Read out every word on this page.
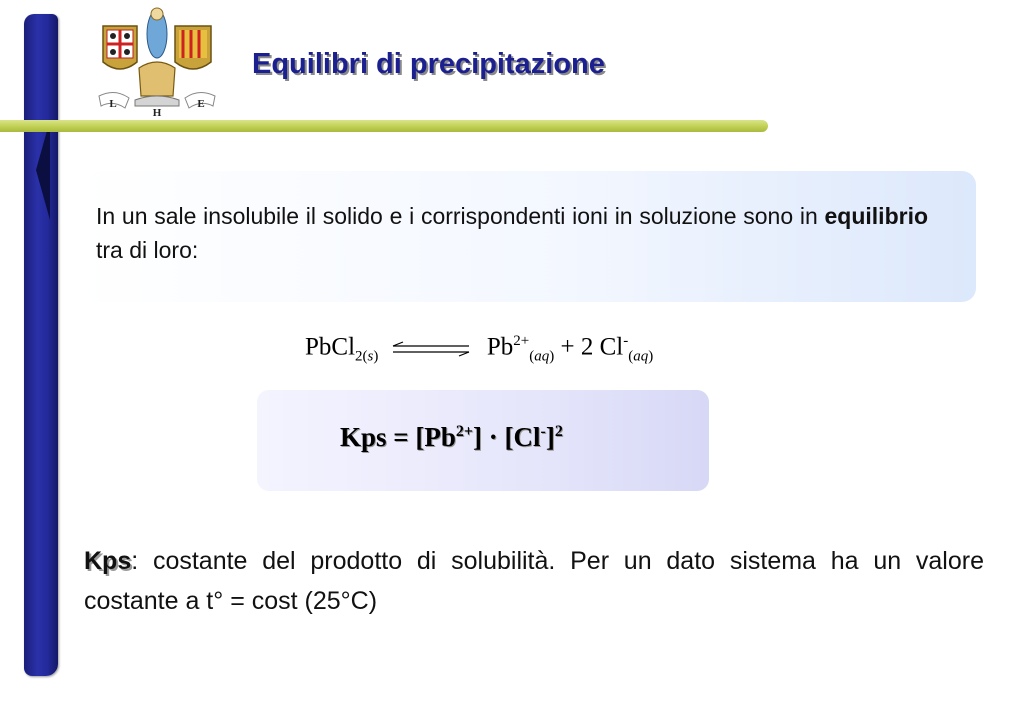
L
H
E
Equilibri di precipitazione
In un sale insolubile il solido e i corrispondenti ioni in soluzione sono in equilibrio tra di loro:
PbCl$_{2(s)}$ ⇌ $Pb^{2+}_{(aq)} + 2$ $Cl^-_{(aq)}$
Kps = $[Pb^{2+}] \cdot [Cl^-]^2$
Kps: costante del prodotto di solubilità. Per un dato sistema ha un valore costante a t° = cost (25°C)
